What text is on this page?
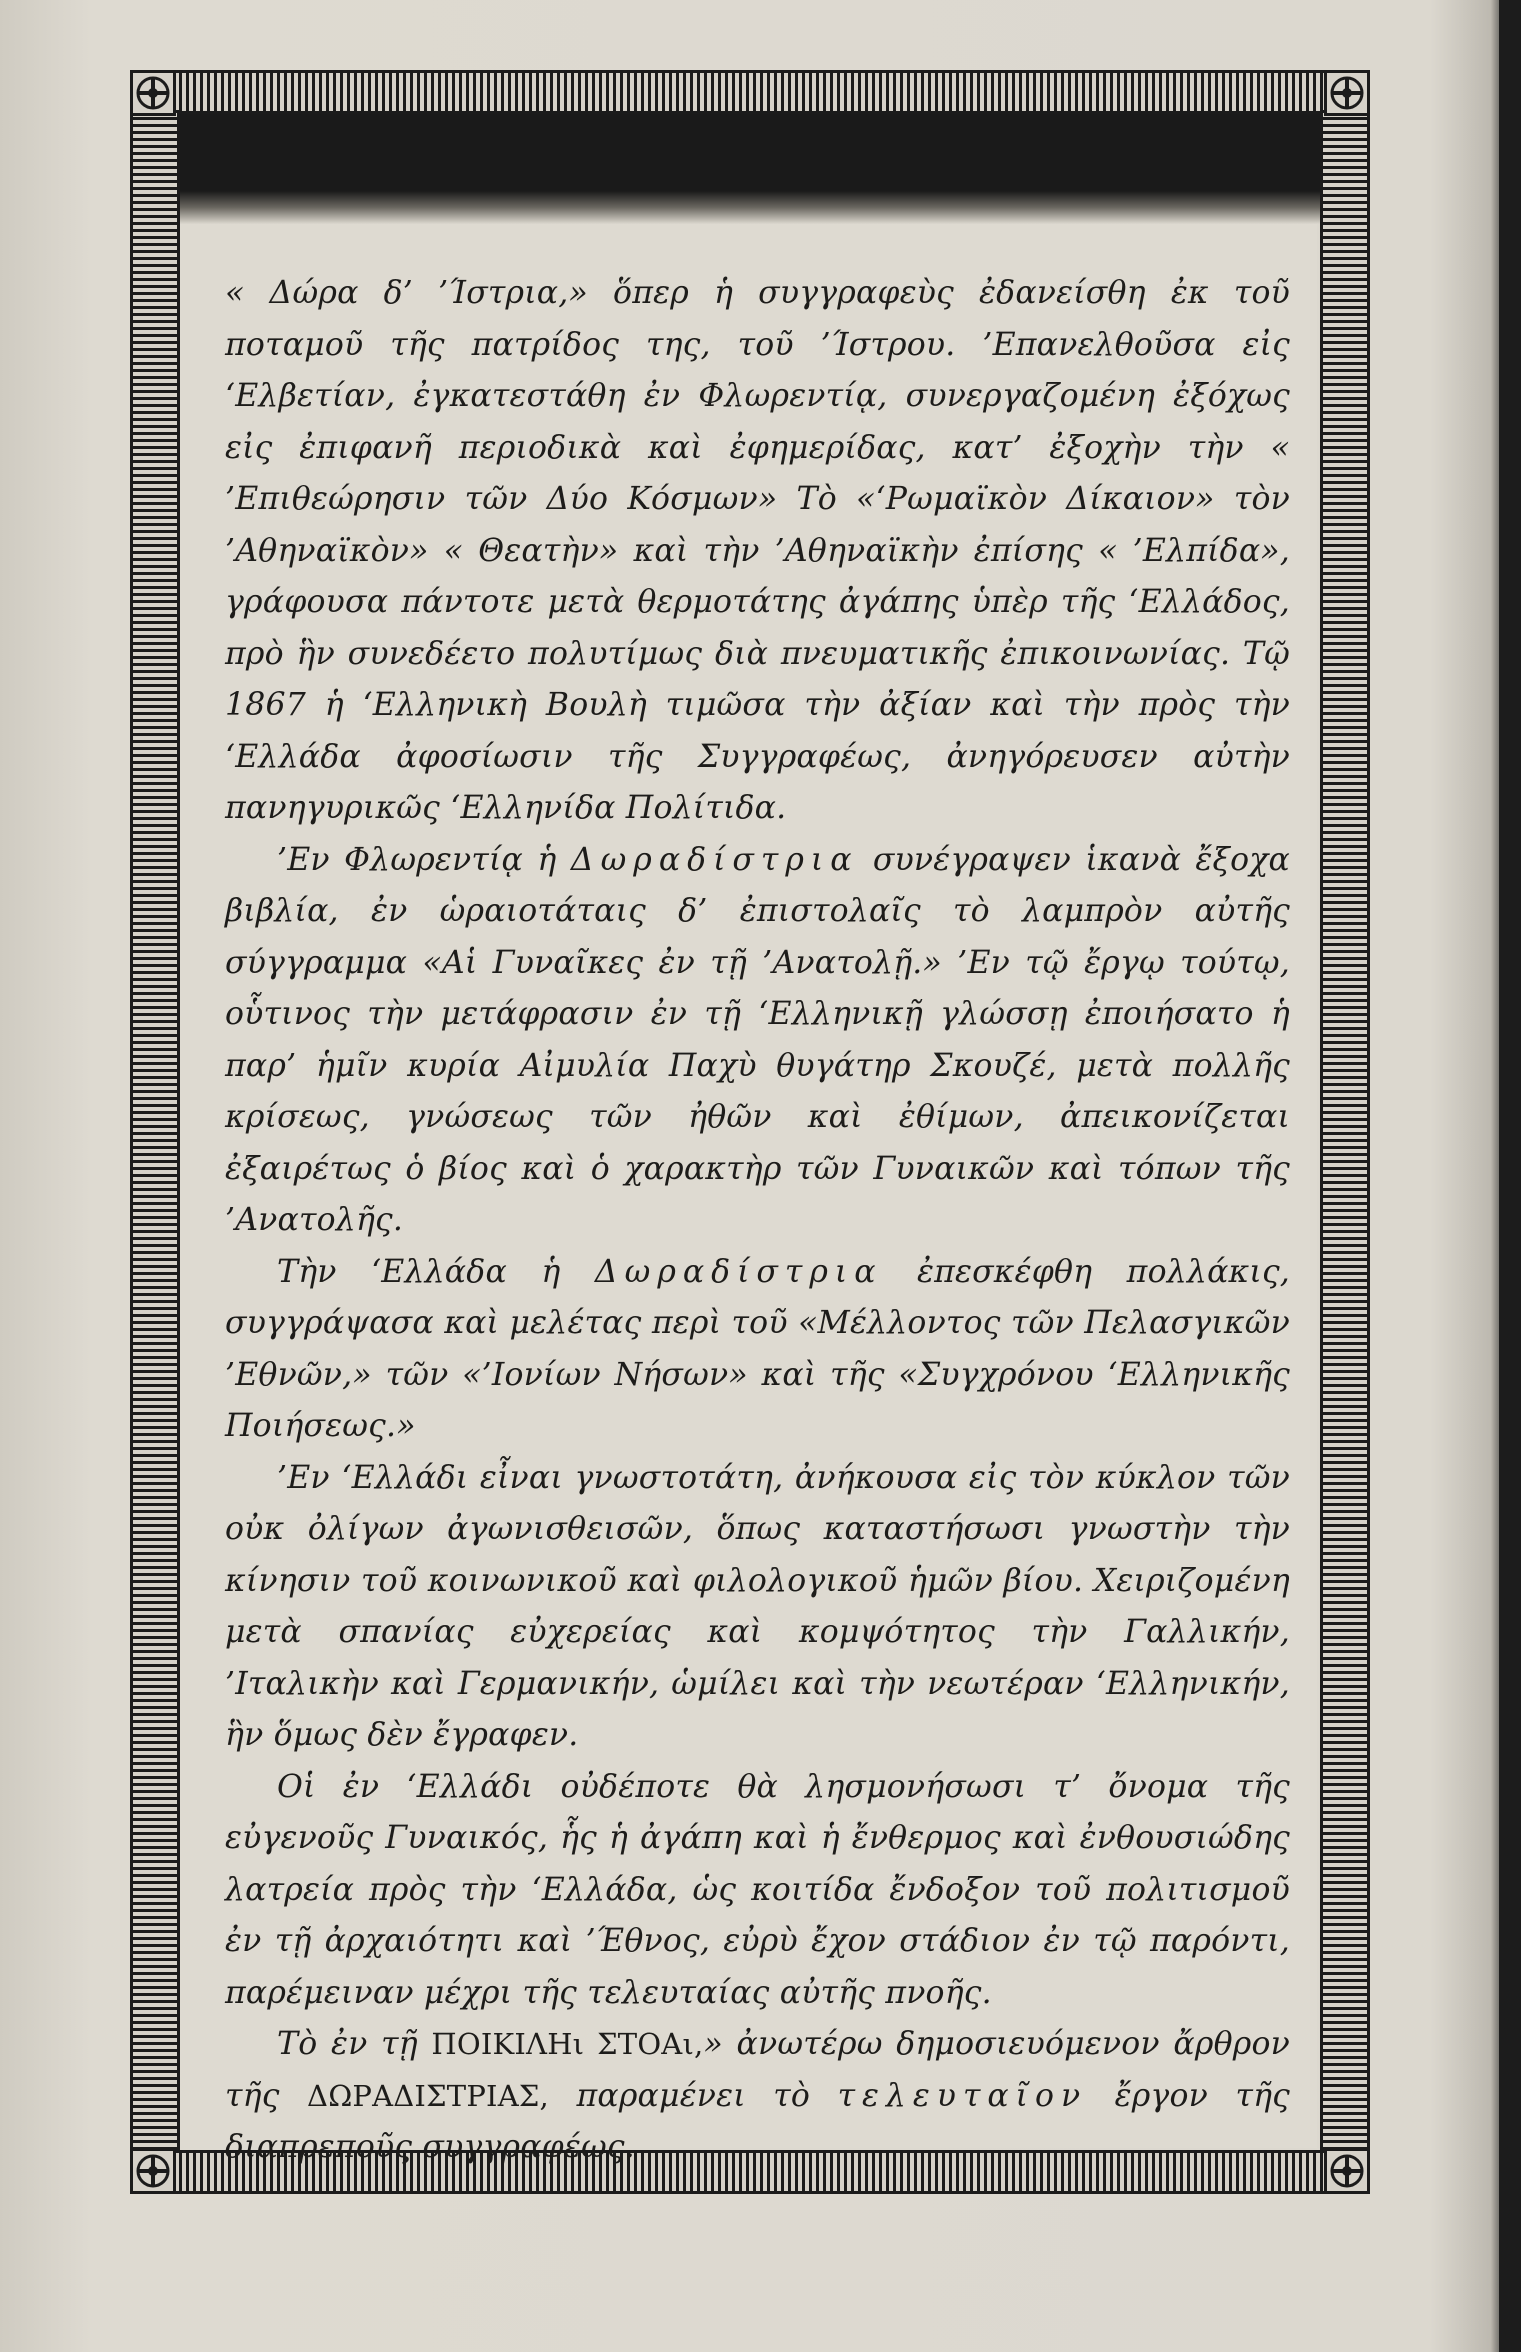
« Δώρα δ’ ’Ίστρια,» ὅπερ ἡ συγγραφεὺς ἐδανείσθη ἐκ τοῦ ποταμοῦ τῆς πατρίδος της, τοῦ ’Ίστρου. ’Επανελθοῦσα εἰς ‘Ελβετίαν, ἐγκατεστάθη ἐν Φλωρεντίᾳ, συνεργαζομένη ἐξόχως εἰς ἐπιφανῆ περιοδικὰ καὶ ἐφημερίδας, κατ’ ἐξοχὴν τὴν « ’Επιθεώρησιν τῶν Δύο Κόσμων» Τὸ «‘Ρωμαϊκὸν Δίκαιον» τὸν ’Αθηναϊκὸν» « Θεατὴν» καὶ τὴν ’Αθηναϊκὴν ἐπίσης « ’Ελπίδα», γράφουσα πάντοτε μετὰ θερμοτάτης ἀγάπης ὑπὲρ τῆς ‘Ελλάδος, πρὸ ἣν συνεδέετο πολυτίμως διὰ πνευματικῆς ἐπικοινωνίας. Τῷ 1867 ἡ ‘Ελληνικὴ Βουλὴ τιμῶσα τὴν ἀξίαν καὶ τὴν πρὸς τὴν ‘Ελλάδα ἀφοσίωσιν τῆς Συγγραφέως, ἀνηγόρευσεν αὐτὴν πανηγυρικῶς ‘Ελληνίδα Πολίτιδα.

’Εν Φλωρεντίᾳ ἡ Δωραδίστρια συνέγραψεν ἱκανὰ ἔξοχα βιβλία, ἐν ὡραιοτάταις δ’ ἐπιστολαῖς τὸ λαμπρὸν αὐτῆς σύγγραμμα «Αἱ Γυναῖκες ἐν τῇ ’Ανατολῇ.» ’Εν τῷ ἔργῳ τούτῳ, οὗτινος τὴν μετάφρασιν ἐν τῇ ‘Ελληνικῇ γλώσσῃ ἐποιήσατο ἡ παρ’ ἡμῖν κυρία Αἰμυλία Παχὺ θυγάτηρ Σκουζέ, μετὰ πολλῆς κρίσεως, γνώσεως τῶν ἠθῶν καὶ ἐθίμων, ἀπεικονίζεται ἐξαιρέτως ὁ βίος καὶ ὁ χαρακτὴρ τῶν Γυναικῶν καὶ τόπων τῆς ’Ανατολῆς.

Τὴν ‘Ελλάδα ἡ Δωραδίστρια ἐπεσκέφθη πολλάκις, συγγράψασα καὶ μελέτας περὶ τοῦ «Μέλλοντος τῶν Πελασγικῶν ’Εθνῶν,» τῶν «’Ιονίων Νήσων» καὶ τῆς «Συγχρόνου ‘Ελληνικῆς Ποιήσεως.»

’Εν ‘Ελλάδι εἶναι γνωστοτάτη, ἀνήκουσα εἰς τὸν κύκλον τῶν οὐκ ὀλίγων ἀγωνισθεισῶν, ὅπως καταστήσωσι γνωστὴν τὴν κίνησιν τοῦ κοινωνικοῦ καὶ φιλολογικοῦ ἡμῶν βίου. Χειριζομένη μετὰ σπανίας εὐχερείας καὶ κομψότητος τὴν Γαλλικήν, ’Ιταλικὴν καὶ Γερμανικήν, ὡμίλει καὶ τὴν νεωτέραν ‘Ελληνικήν, ἣν ὅμως δὲν ἔγραφεν.

Οἱ ἐν ‘Ελλάδι οὐδέποτε θὰ λησμονήσωσι τ’ ὄνομα τῆς εὐγενοῦς Γυναικός, ἧς ἡ ἀγάπη καὶ ἡ ἔνθερμος καὶ ἐνθουσιώδης λατρεία πρὸς τὴν ‘Ελλάδα, ὡς κοιτίδα ἔνδοξον τοῦ πολιτισμοῦ ἐν τῇ ἀρχαιότητι καὶ ’Έθνος, εὐρὺ ἔχον στάδιον ἐν τῷ παρόντι, παρέμειναν μέχρι τῆς τελευταίας αὐτῆς πνοῆς.

Τὸ ἐν τῇ ΠΟΙΚΙΛΗι ΣΤΟΑι,» ἀνωτέρω δημοσιευόμενον ἄρθρον τῆς ΔΩΡΑΔΙΣΤΡΙΑΣ, παραμένει τὸ τελευταῖον ἔργον τῆς διαπρεποῦς συγγραφέως.
